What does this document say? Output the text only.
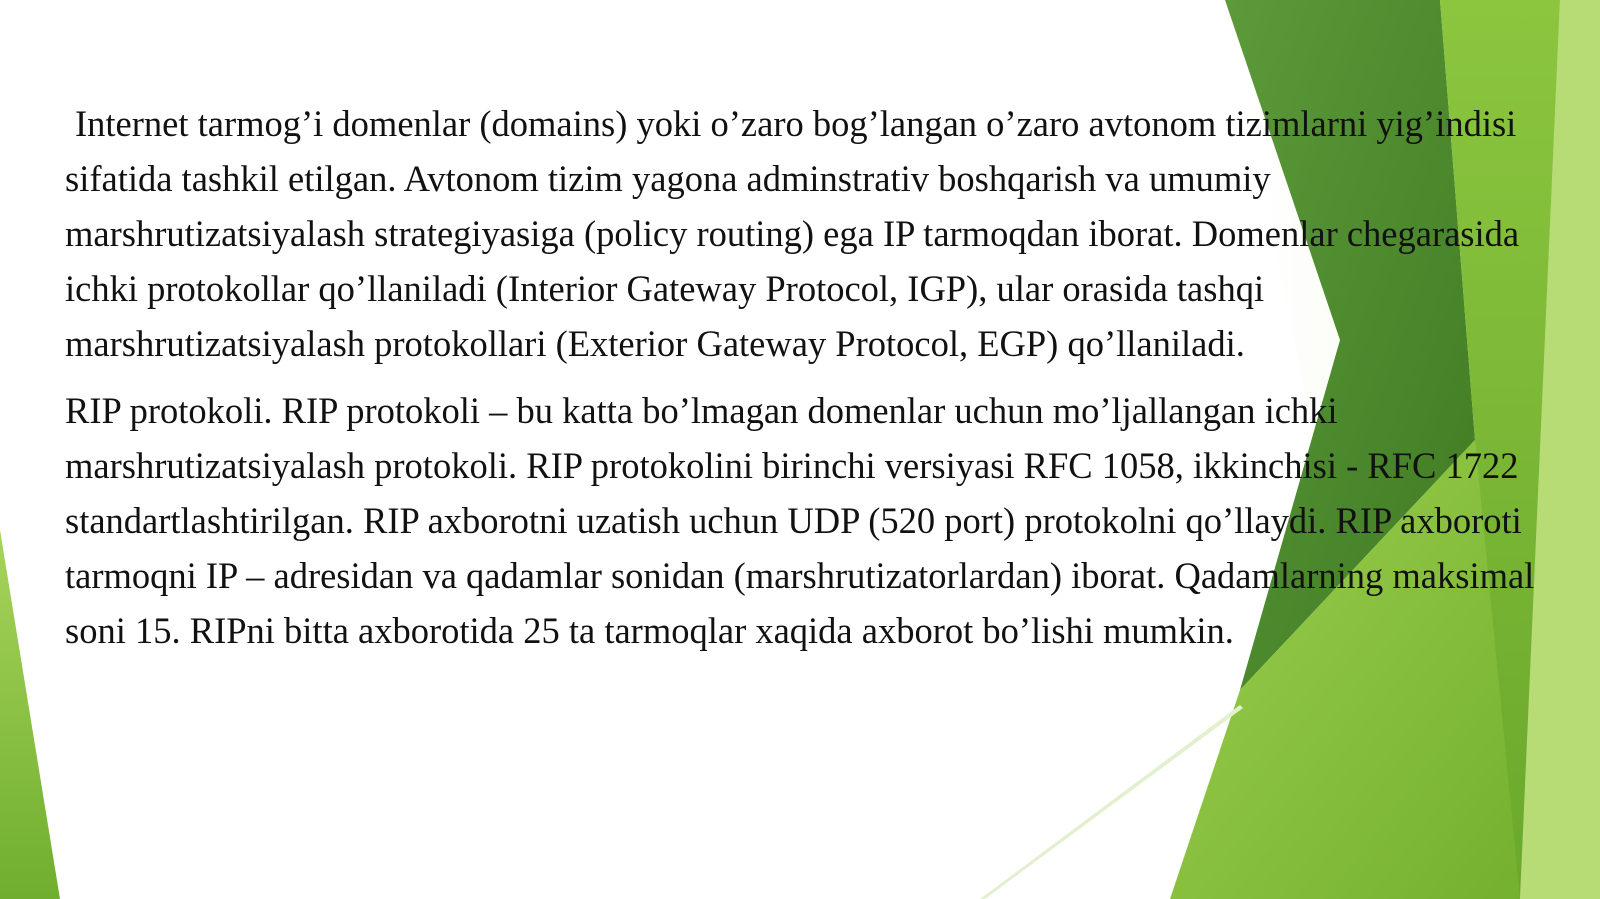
Internet tarmog’i domenlar (domains) yoki o’zaro bog’langan o’zaro avtonom tizimlarni yig’indisi sifatida tashkil etilgan. Avtonom tizim yagona adminstrativ boshqarish va umumiy marshrutizatsiyalash strategiyasiga (policy routing) ega IP tarmoqdan iborat. Domenlar chegarasida ichki protokollar qo’llaniladi (Interior Gateway Protocol, IGP), ular orasida tashqi marshrutizatsiyalash protokollari (Exterior Gateway Protocol, EGP) qo’llaniladi.

RIP protokoli. RIP protokoli – bu katta bo’lmagan domenlar uchun mo’ljallangan ichki marshrutizatsiyalash protokoli. RIP protokolini birinchi versiyasi RFC 1058, ikkinchisi - RFC 1722 standartlashtirilgan. RIP axborotni uzatish uchun UDP (520 port) protokolni qo’llaydi. RIP axboroti tarmoqni IP – adresidan va qadamlar sonidan (marshrutizatorlardan) iborat. Qadamlarning maksimal soni 15. RIPni bitta axborotida 25 ta tarmoqlar xaqida axborot bo’lishi mumkin.
